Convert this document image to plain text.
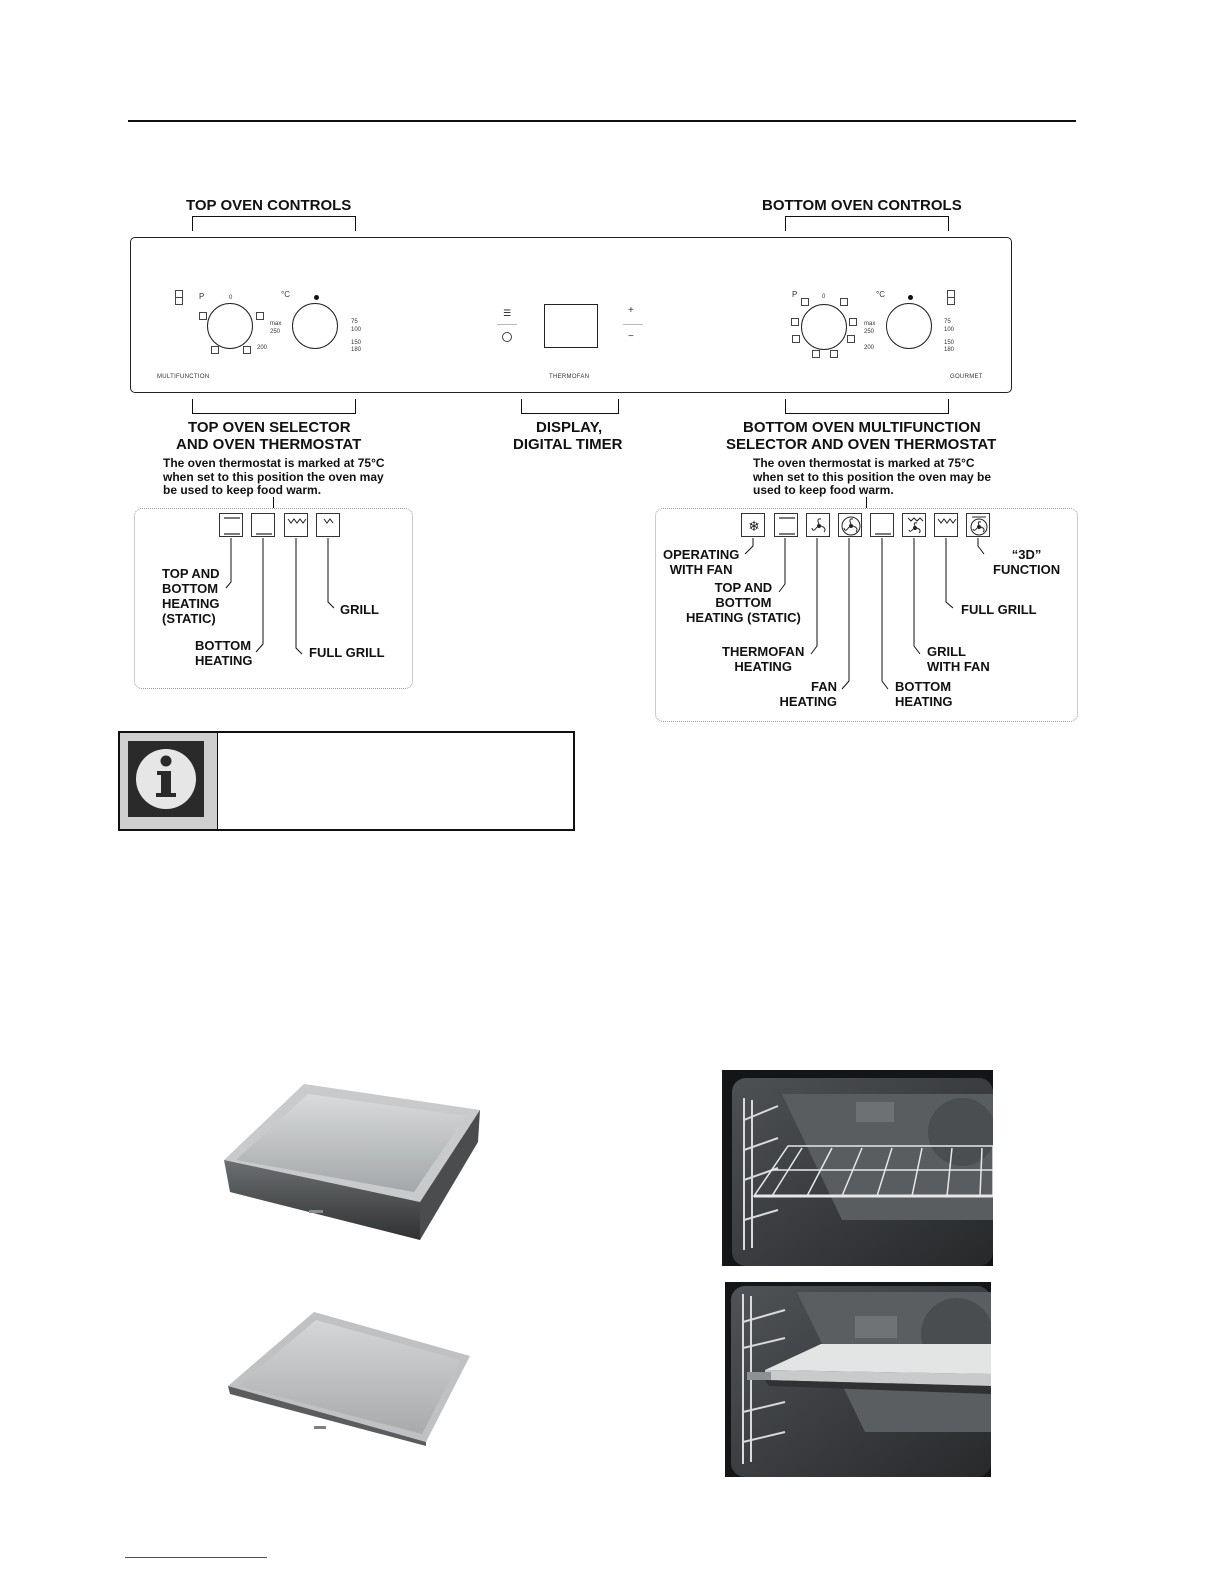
TOP OVEN CONTROLS	BOTTOM OVEN CONTROLS
P	0	°C
max
250
200
75
100
150
180
MULTIFUNCTION
☰	+
−
THERMOFAN
P	0	°C
max
250
200
75
100
150
180
GOURMET
TOP OVEN SELECTOR
AND OVEN THERMOSTAT
DISPLAY,
DIGITAL TIMER
BOTTOM OVEN MULTIFUNCTION
SELECTOR AND OVEN THERMOSTAT
The oven thermostat is marked at 75°C
when set to this position the oven may
be used to keep food warm.
The oven thermostat is marked at 75°C
when set to this position the oven may be
used to keep food warm.
TOP AND
BOTTOM
HEATING
(STATIC)
BOTTOM
HEATING
FULL GRILL
GRILL
❄
OPERATING
WITH FAN
TOP AND
BOTTOM
HEATING (STATIC)
THERMOFAN
HEATING
FAN
HEATING
BOTTOM
HEATING
GRILL
WITH FAN
FULL GRILL
“3D”
FUNCTION
